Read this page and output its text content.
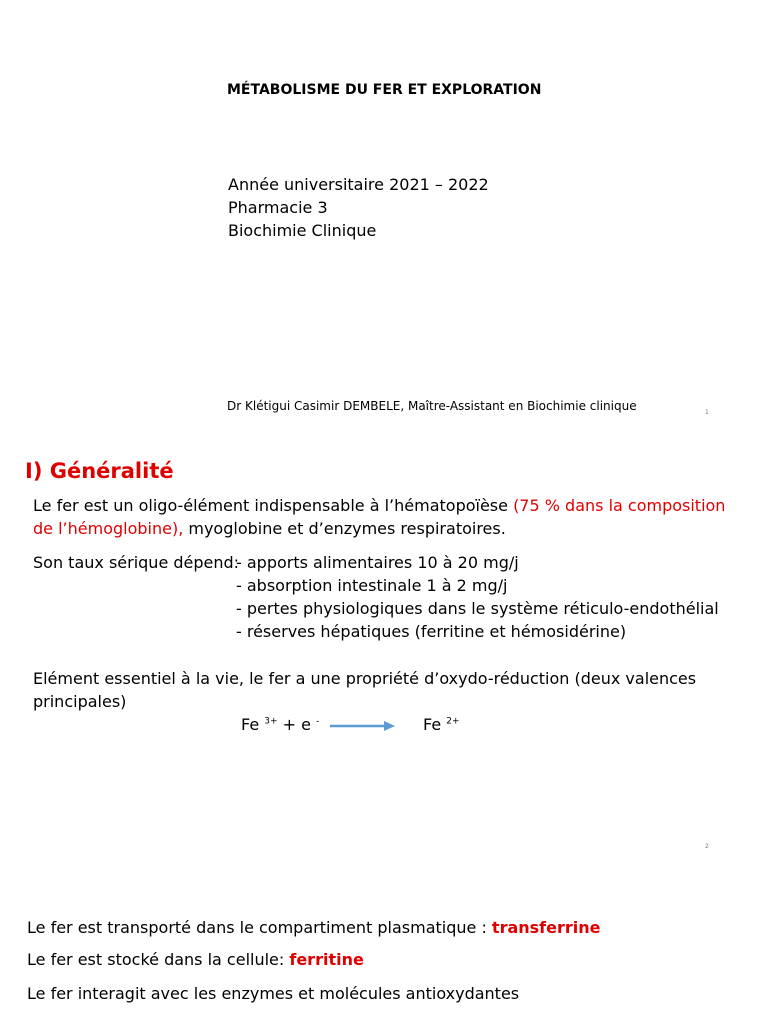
MÉTABOLISME DU FER ET EXPLORATION
Année universitaire 2021 – 2022
Pharmacie 3
Biochimie Clinique
Dr Klétigui Casimir DEMBELE, Maître-Assistant en Biochimie clinique	1
I) Généralité
Le fer est un oligo-élément indispensable à l’hématopoïèse (75 % dans la composition de l’hémoglobine), myoglobine et d’enzymes respiratoires.
Son taux sérique dépend:
- apports alimentaires 10 à 20 mg/j
- absorption intestinale 1 à 2 mg/j
- pertes physiologiques dans le système réticulo-endothélial
- réserves hépatiques (ferritine et hémosidérine)
Elément essentiel à la vie, le fer a une propriété d’oxydo-réduction (deux valences principales)
Fe $^{3+}$ + e -	Fe $^{2+}$
2
Le fer est transporté dans le compartiment plasmatique : transferrine
Le fer est stocké dans la cellule: ferritine
Le fer interagit avec les enzymes et molécules antioxydantes
